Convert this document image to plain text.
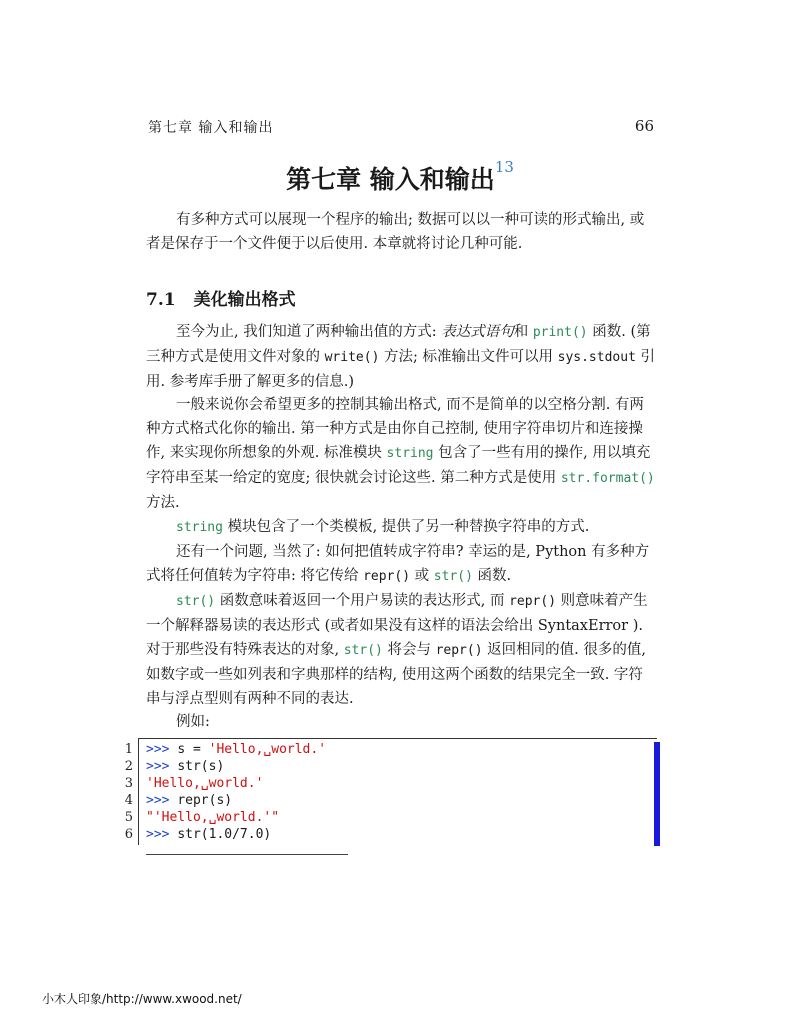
第七章 输入和输出	66
第七章 输入和输出$^{13}$

有多种方式可以展现一个程序的输出; 数据可以以一种可读的形式输出, 或者是保存于一个文件便于以后使用. 本章就将讨论几种可能.

7.1 美化输出格式

至今为止, 我们知道了两种输出值的方式: 表达式语句和 print() 函数. (第三种方式是使用文件对象的 write() 方法; 标准输出文件可以用 sys.stdout 引用. 参考库手册了解更多的信息.)

一般来说你会希望更多的控制其输出格式, 而不是简单的以空格分割. 有两种方式格式化你的输出. 第一种方式是由你自己控制, 使用字符串切片和连接操作, 来实现你所想象的外观. 标准模块 string 包含了一些有用的操作, 用以填充字符串至某一给定的宽度; 很快就会讨论这些. 第二种方式是使用 str.format() 方法.

string 模块包含了一个类模板, 提供了另一种替换字符串的方式.

还有一个问题, 当然了: 如何把值转成字符串? 幸运的是, Python 有多种方式将任何值转为字符串: 将它传给 repr() 或 str() 函数.

str() 函数意味着返回一个用户易读的表达形式, 而 repr() 则意味着产生一个解释器易读的表达形式 (或者如果没有这样的语法会给出 SyntaxError ). 对于那些没有特殊表达的对象, str() 将会与 repr() 返回相同的值. 很多的值, 如数字或一些如列表和字典那样的结构, 使用这两个函数的结果完全一致. 字符串与浮点型则有两种不同的表达.

例如:

1 >>> s = 'Hello,␣world.'
2 >>> str(s)
3 'Hello,␣world.'
4 >>> repr(s)
5 "'Hello,␣world.'"
6 >>> str(1.0/7.0)
小木人印象/http://www.xwood.net/
